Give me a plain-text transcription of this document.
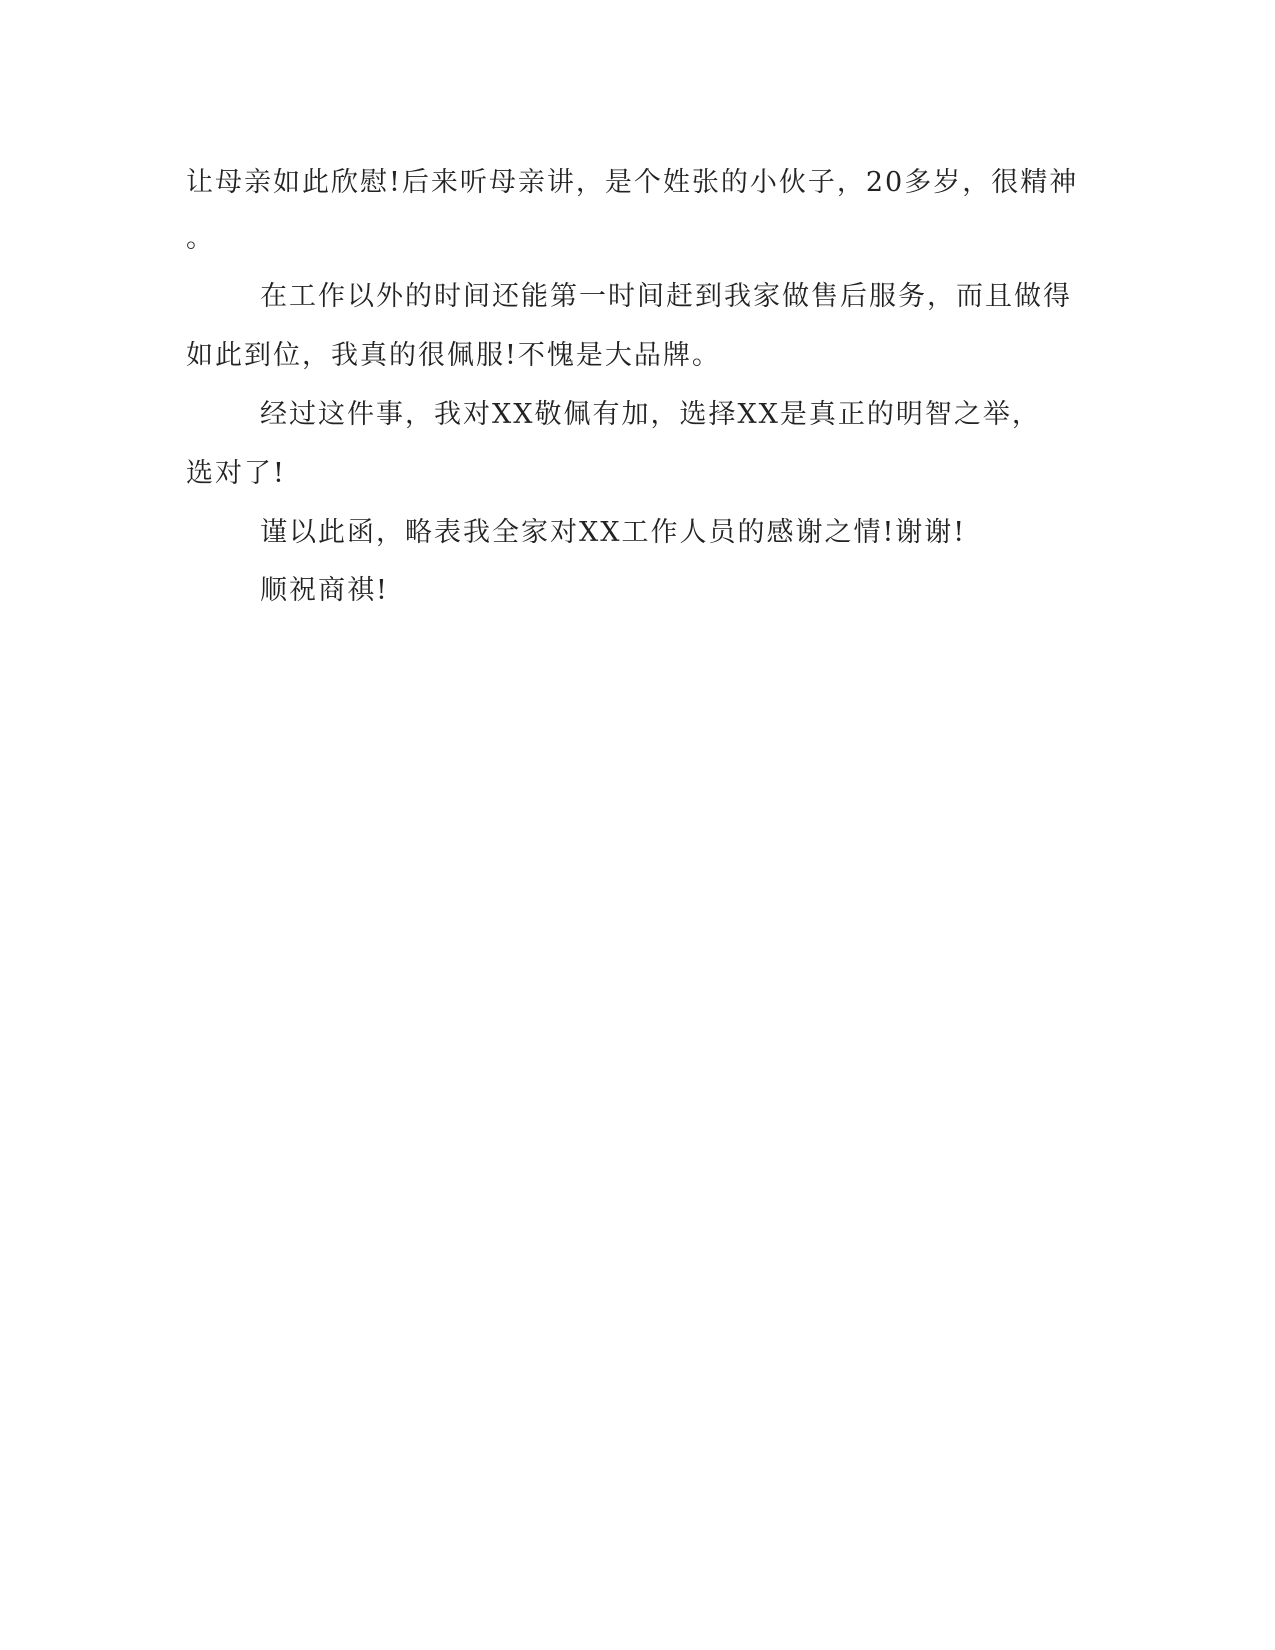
让母亲如此欣慰!后来听母亲讲，是个姓张的小伙子，20多岁，很精神
。
在工作以外的时间还能第一时间赶到我家做售后服务，而且做得
如此到位，我真的很佩服!不愧是大品牌。
经过这件事，我对XX敬佩有加，选择XX是真正的明智之举，
选对了!
谨以此函，略表我全家对XX工作人员的感谢之情!谢谢!
顺祝商祺!
